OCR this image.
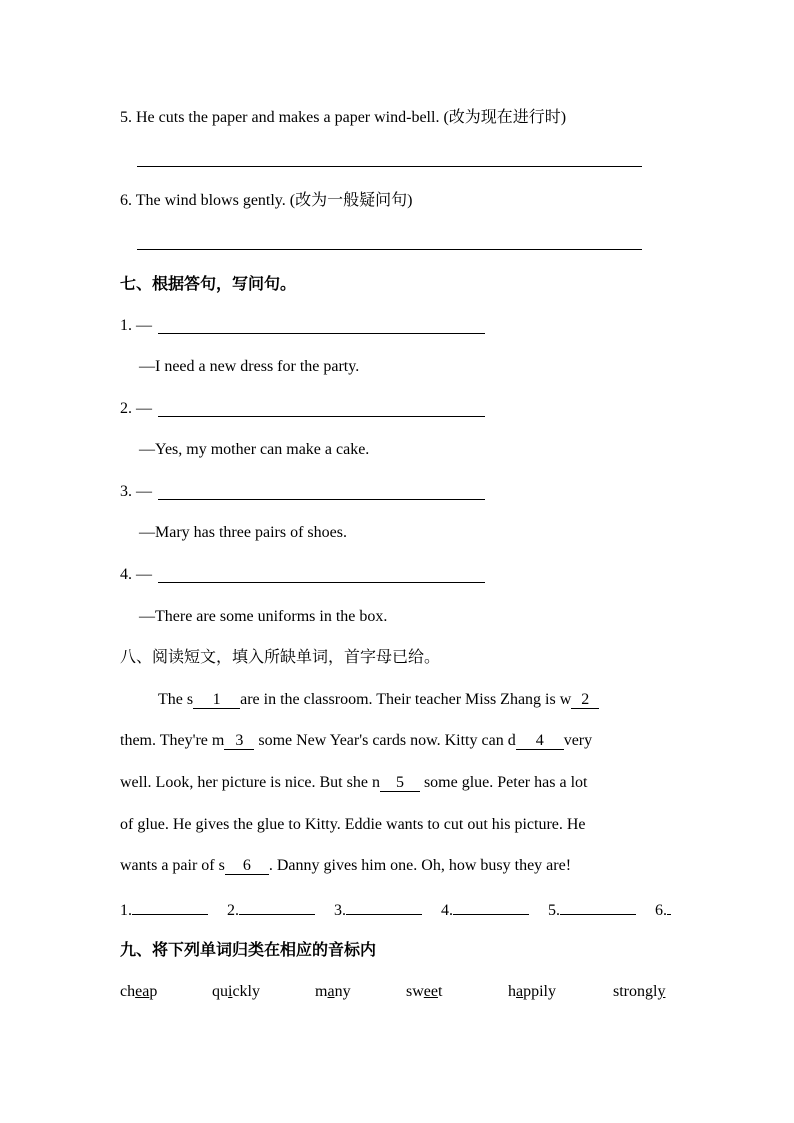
5. He cuts the paper and makes a paper wind-bell. (改为现在进行时)
6. The wind blows gently. (改为一般疑问句)
七、根据答句，写问句。
1. —
—I need a new dress for the party.
2. —
—Yes, my mother can make a cake.
3. —
—Mary has three pairs of shoes.
4. —
—There are some uniforms in the box.
八、阅读短文，填入所缺单词，首字母已给。
The s 1 are in the classroom. Their teacher Miss Zhang is w 2
them. They're m 3 some New Year's cards now. Kitty can d 4 very
well. Look, her picture is nice. But she n 5 some glue. Peter has a lot
of glue. He gives the glue to Kitty. Eddie wants to cut out his picture. He
wants a pair of s 6 . Danny gives him one. Oh, how busy they are!
1.	2.	3.	4.	5.	6.
九、将下列单词归类在相应的音标内
cheap	quickly	many	sweet	happily	strongly
